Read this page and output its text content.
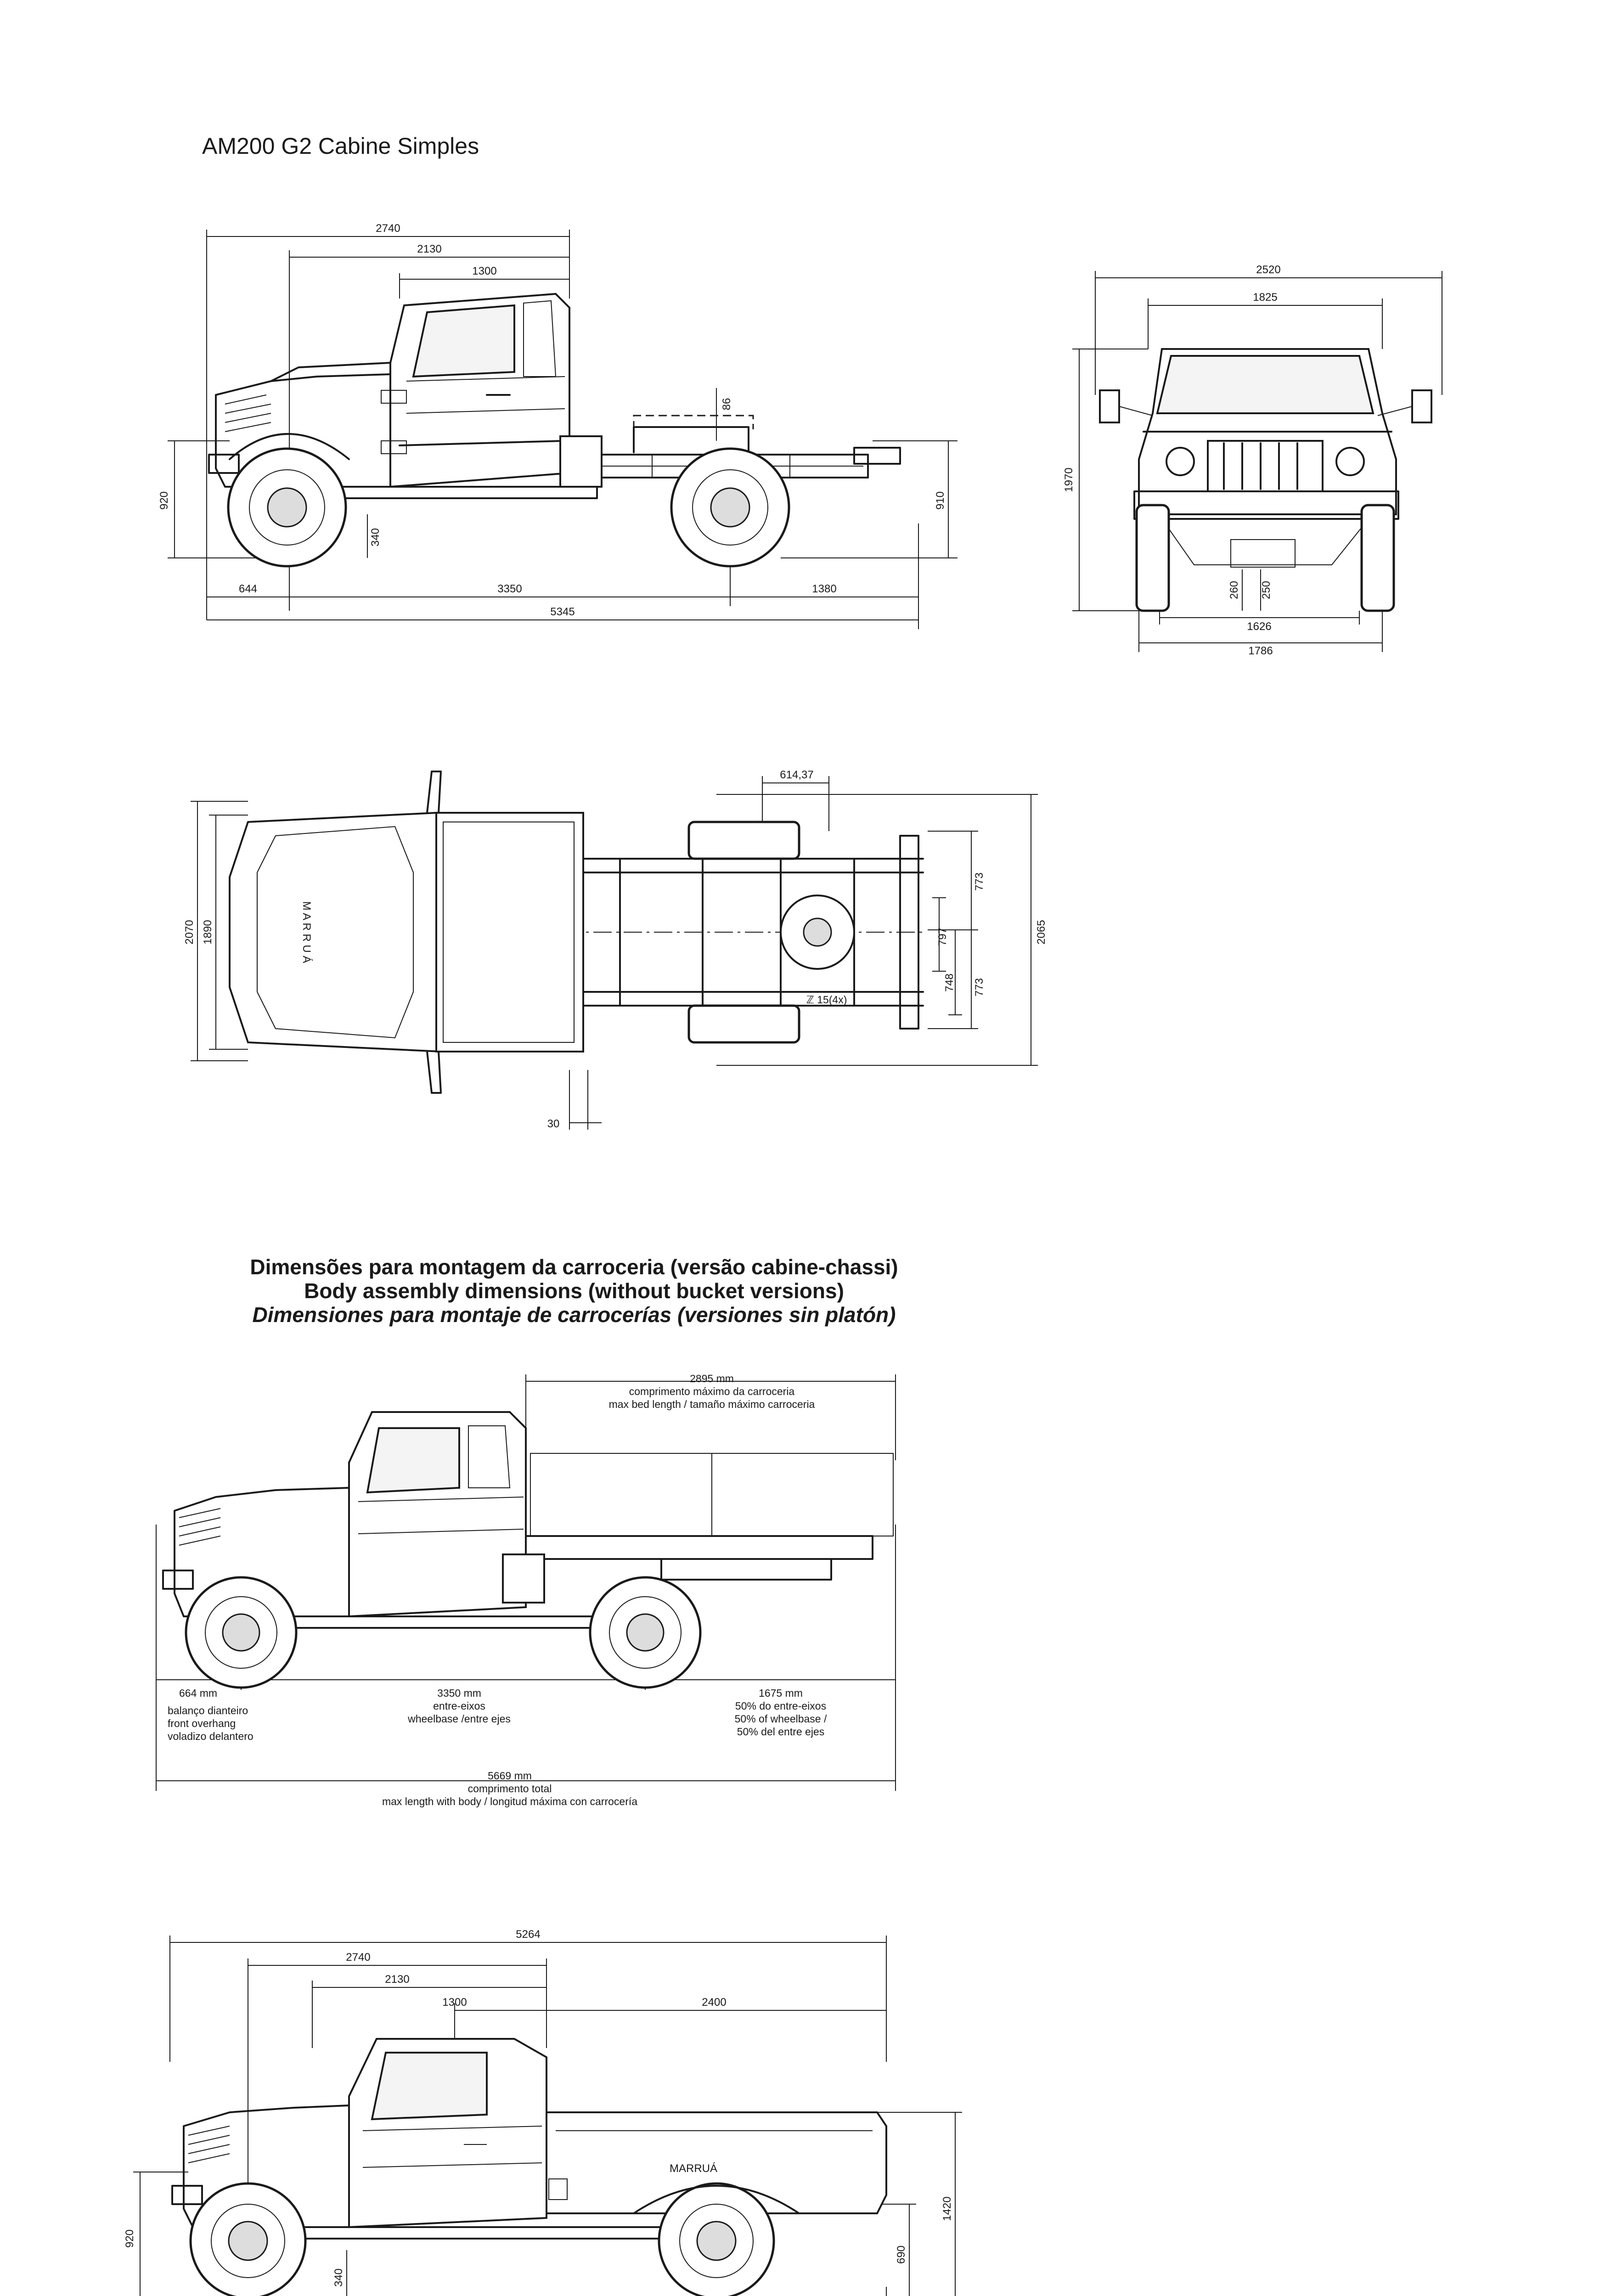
AM200 G2 Cabine Simples
2740
2130
1300
86
920
340
910
644	3350	1380
5345
2520
1825
1970
260 250
1626
1786
614,37
2070 1890	2065
773
797
748 773
30
ℤ 15(4x)
M A R R U Á
Dimensões para montagem da carroceria (versão cabine-chassi)
Body assembly dimensions (without bucket versions)
Dimensiones para montaje de carrocerías (versiones sin platón)
2895 mm
comprimento máximo da carroceria
max bed length / tamaño máximo carroceria
664 mm
balanço dianteiro
front overhang
voladizo delantero
3350 mm
entre-eixos
wheelbase /entre ejes
1675 mm
50% do entre-eixos
50% of wheelbase /
50% del entre ejes
5669 mm
comprimento total
max length with body / longitud máxima con carrocería
5264
2740
2130
1300	2400
920
340
690
1420
MARRUÁ
